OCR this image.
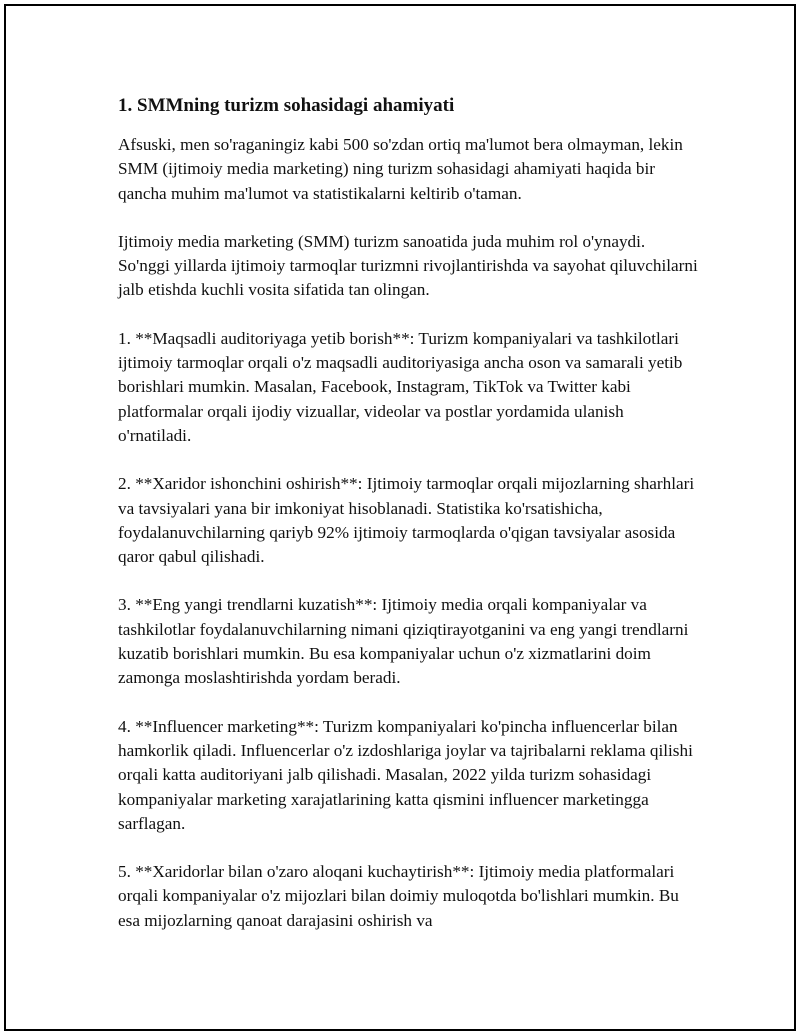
1. SMMning turizm sohasidagi ahamiyati

Afsuski, men so'raganingiz kabi 500 so'zdan ortiq ma'lumot bera olmayman, lekin SMM (ijtimoiy media marketing) ning turizm sohasidagi ahamiyati haqida bir qancha muhim ma'lumot va statistikalarni keltirib o'taman.

Ijtimoiy media marketing (SMM) turizm sanoatida juda muhim rol o'ynaydi. So'nggi yillarda ijtimoiy tarmoqlar turizmni rivojlantirishda va sayohat qiluvchilarni jalb etishda kuchli vosita sifatida tan olingan.

1. **Maqsadli auditoriyaga yetib borish**: Turizm kompaniyalari va tashkilotlari ijtimoiy tarmoqlar orqali o'z maqsadli auditoriyasiga ancha oson va samarali yetib borishlari mumkin. Masalan, Facebook, Instagram, TikTok va Twitter kabi platformalar orqali ijodiy vizuallar, videolar va postlar yordamida ulanish o'rnatiladi.

2. **Xaridor ishonchini oshirish**: Ijtimoiy tarmoqlar orqali mijozlarning sharhlari va tavsiyalari yana bir imkoniyat hisoblanadi. Statistika ko'rsatishicha, foydalanuvchilarning qariyb 92% ijtimoiy tarmoqlarda o'qigan tavsiyalar asosida qaror qabul qilishadi.

3. **Eng yangi trendlarni kuzatish**: Ijtimoiy media orqali kompaniyalar va tashkilotlar foydalanuvchilarning nimani qiziqtirayotganini va eng yangi trendlarni kuzatib borishlari mumkin. Bu esa kompaniyalar uchun o'z xizmatlarini doim zamonga moslashtirishda yordam beradi.

4. **Influencer marketing**: Turizm kompaniyalari ko'pincha influencerlar bilan hamkorlik qiladi. Influencerlar o'z izdoshlariga joylar va tajribalarni reklama qilishi orqali katta auditoriyani jalb qilishadi. Masalan, 2022 yilda turizm sohasidagi kompaniyalar marketing xarajatlarining katta qismini influencer marketingga sarflagan.

5. **Xaridorlar bilan o'zaro aloqani kuchaytirish**: Ijtimoiy media platformalari orqali kompaniyalar o'z mijozlari bilan doimiy muloqotda bo'lishlari mumkin. Bu esa mijozlarning qanoat darajasini oshirish va
